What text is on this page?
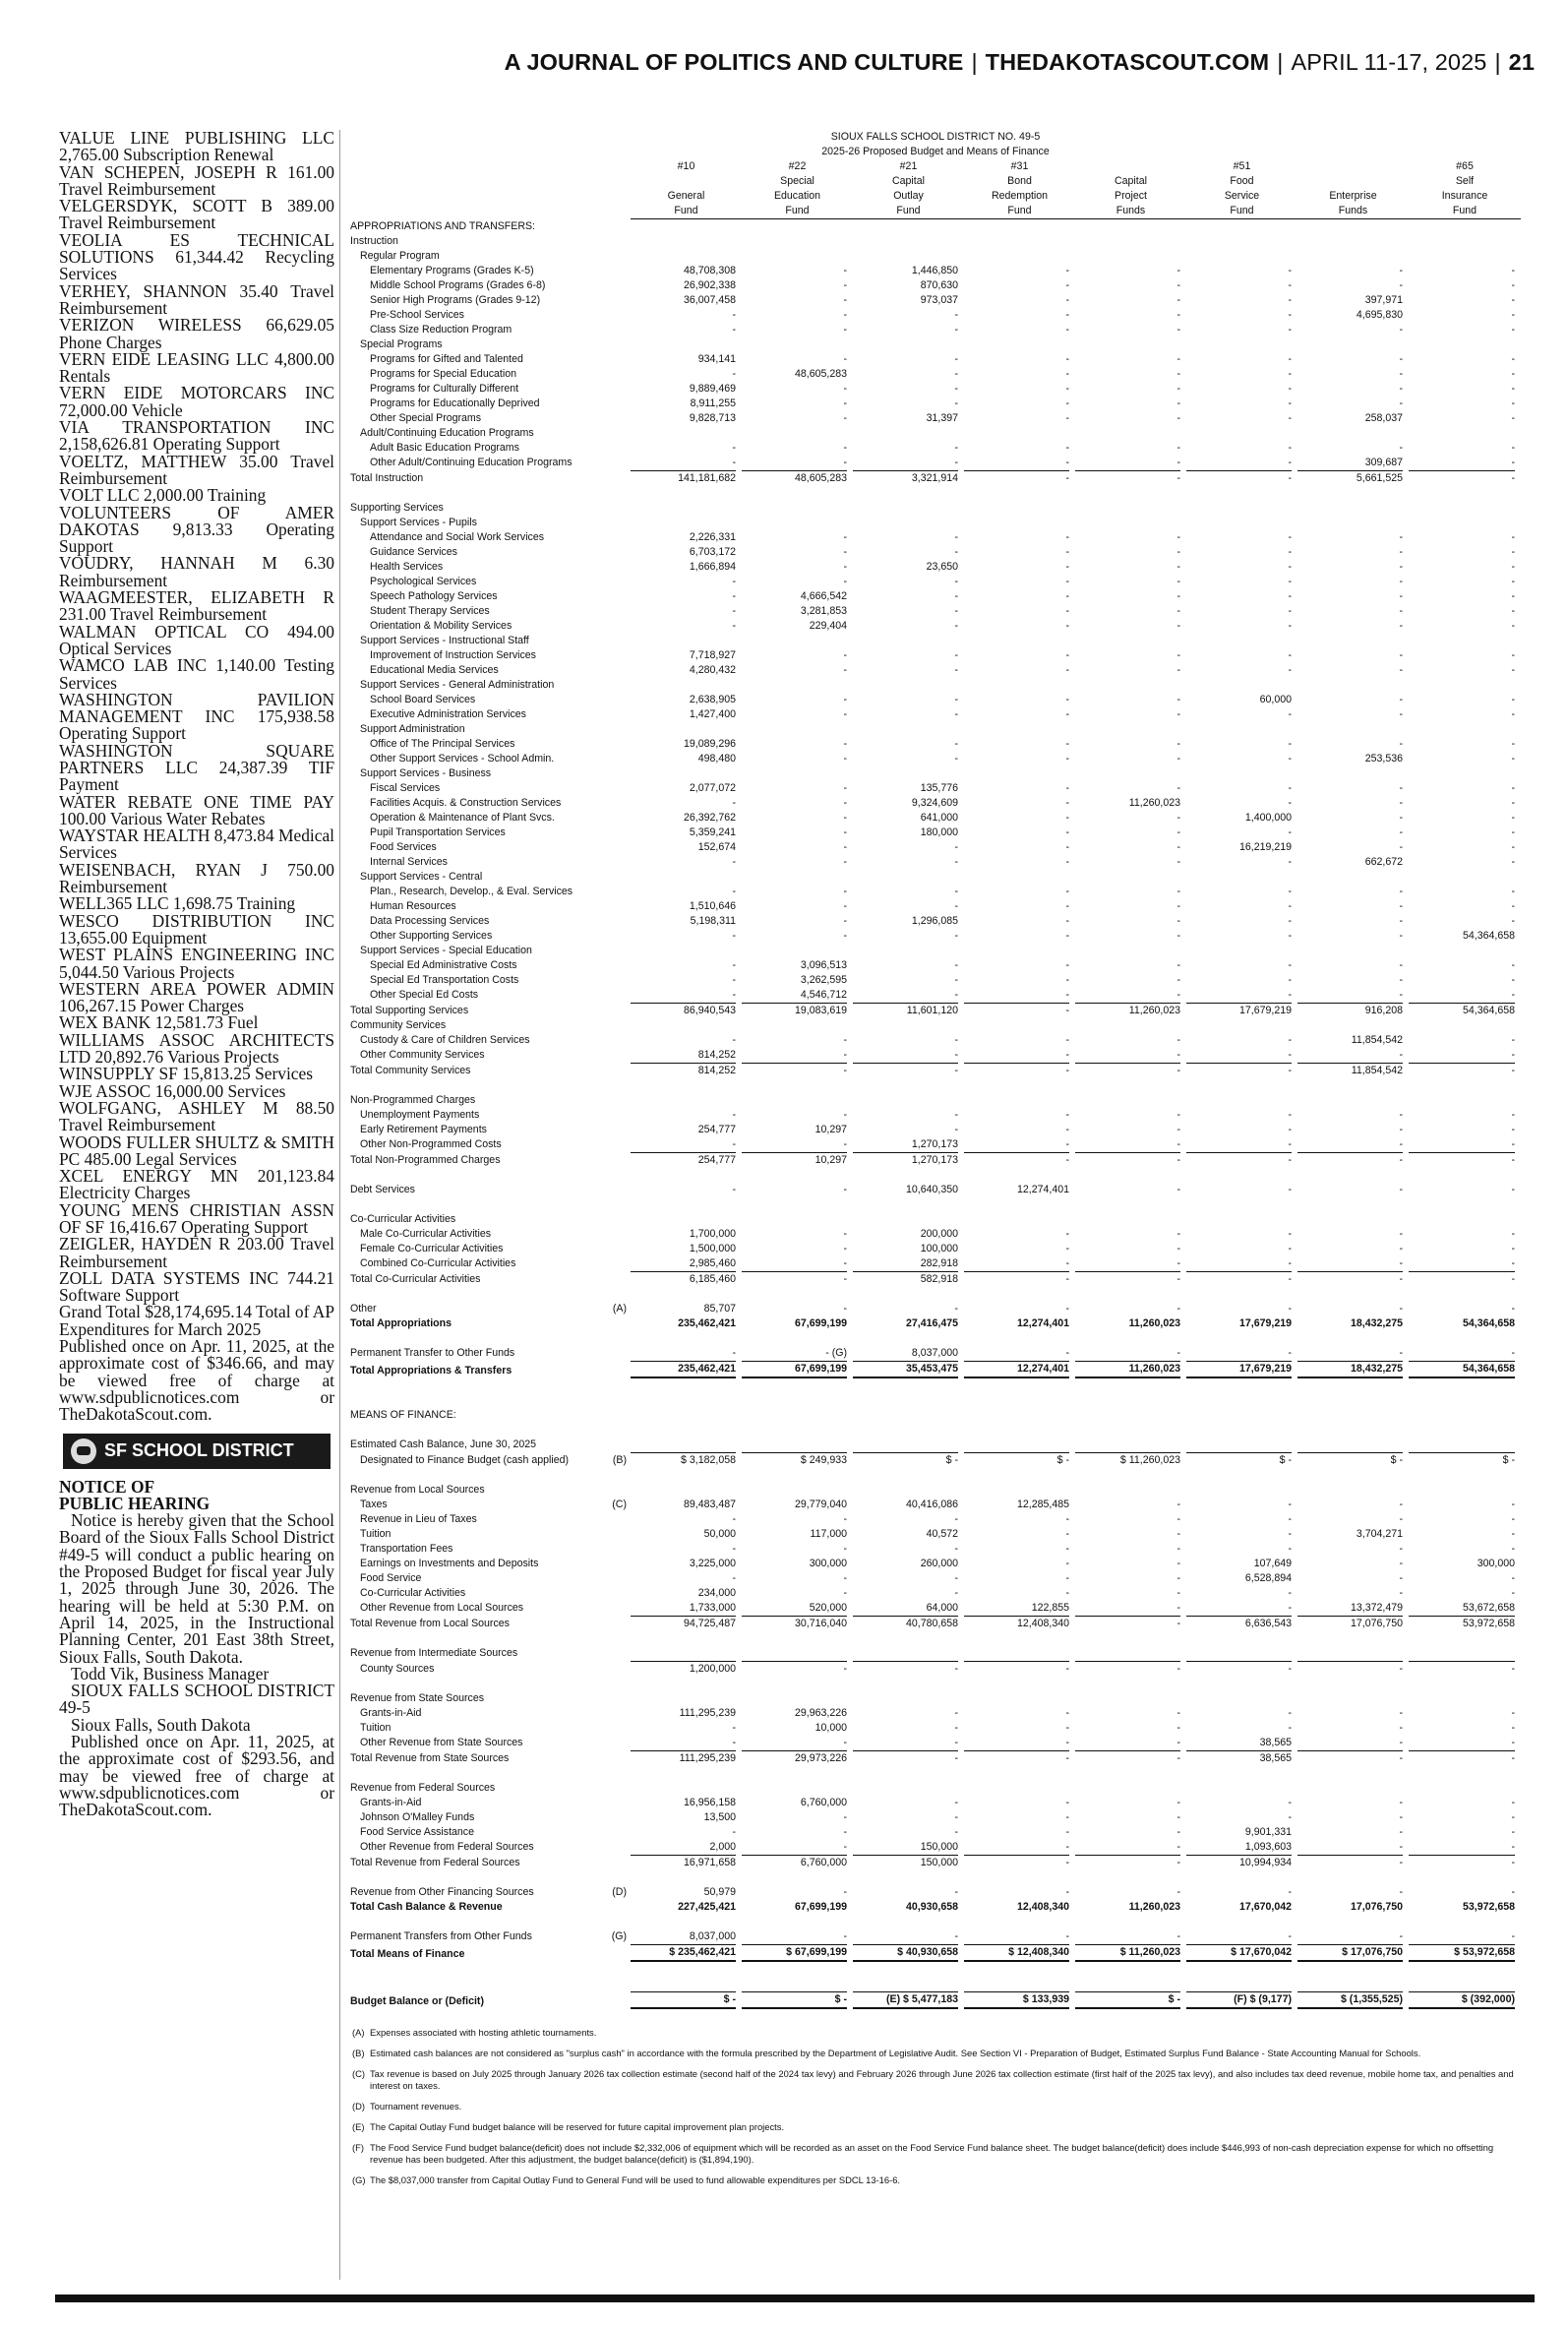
A JOURNAL OF POLITICS AND CULTURE | THEDAKOTASCOUT.COM | APRIL 11-17, 2025 | 21

VALUE LINE PUBLISHING LLC 2,765.00 Subscription Renewal

VAN SCHEPEN, JOSEPH R 161.00 Travel Reimbursement

VELGERSDYK, SCOTT B 389.00 Travel Reimbursement

VEOLIA ES TECHNICAL SOLUTIONS 61,344.42 Recycling Services

VERHEY, SHANNON 35.40 Travel Reimbursement

VERIZON WIRELESS 66,629.05 Phone Charges

VERN EIDE LEASING LLC 4,800.00 Rentals

VERN EIDE MOTORCARS INC 72,000.00 Vehicle

VIA TRANSPORTATION INC 2,158,626.81 Operating Support

VOELTZ, MATTHEW 35.00 Travel Reimbursement

VOLT LLC 2,000.00 Training

VOLUNTEERS OF AMER DAKOTAS 9,813.33 Operating Support

VOUDRY, HANNAH M 6.30 Reimbursement

WAAGMEESTER, ELIZABETH R 231.00 Travel Reimbursement

WALMAN OPTICAL CO 494.00 Optical Services

WAMCO LAB INC 1,140.00 Testing Services

WASHINGTON PAVILION MANAGEMENT INC 175,938.58 Operating Support

WASHINGTON SQUARE PARTNERS LLC 24,387.39 TIF Payment

WATER REBATE ONE TIME PAY 100.00 Various Water Rebates

WAYSTAR HEALTH 8,473.84 Medical Services

WEISENBACH, RYAN J 750.00 Reimbursement

WELL365 LLC 1,698.75 Training

WESCO DISTRIBUTION INC 13,655.00 Equipment

WEST PLAINS ENGINEERING INC 5,044.50 Various Projects

WESTERN AREA POWER ADMIN 106,267.15 Power Charges

WEX BANK 12,581.73 Fuel

WILLIAMS ASSOC ARCHITECTS LTD 20,892.76 Various Projects

WINSUPPLY SF 15,813.25 Services

WJE ASSOC 16,000.00 Services

WOLFGANG, ASHLEY M 88.50 Travel Reimbursement

WOODS FULLER SHULTZ & SMITH PC 485.00 Legal Services

XCEL ENERGY MN 201,123.84 Electricity Charges

YOUNG MENS CHRISTIAN ASSN OF SF 16,416.67 Operating Support

ZEIGLER, HAYDEN R 203.00 Travel Reimbursement

ZOLL DATA SYSTEMS INC 744.21 Software Support

Grand Total $28,174,695.14 Total of AP Expenditures for March 2025

Published once on Apr. 11, 2025, at the approximate cost of $346.66, and may be viewed free of charge at www.sdpublicnotices.com or TheDakotaScout.com.

SF SCHOOL DISTRICT

NOTICE OF

PUBLIC HEARING

Notice is hereby given that the School Board of the Sioux Falls School District #49-5 will conduct a public hearing on the Proposed Budget for fiscal year July 1, 2025 through June 30, 2026. The hearing will be held at 5:30 P.M. on April 14, 2025, in the Instructional Planning Center, 201 East 38th Street, Sioux Falls, South Dakota.

Todd Vik, Business Manager

SIOUX FALLS SCHOOL DISTRICT 49-5

Sioux Falls, South Dakota

Published once on Apr. 11, 2025, at the approximate cost of $293.56, and may be viewed free of charge at www.sdpublicnotices.com or TheDakotaScout.com.

SIOUX FALLS SCHOOL DISTRICT NO. 49-5
2025-26 Proposed Budget and Means of Finance
		#10	#22	#21	#31		#51		#65
			Special	Capital	Bond	Capital	Food		Self
		General	Education	Outlay	Redemption	Project	Service	Enterprise	Insurance
		Fund	Fund	Fund	Fund	Funds	Fund	Funds	Fund
APPROPRIATIONS AND TRANSFERS:									
Instruction									
Regular Program									
Elementary Programs (Grades K-5)		48,708,308	-	1,446,850	-	-	-	-	-

Middle School Programs (Grades 6-8)		26,902,338	-	870,630	-	-	-	-	-

Senior High Programs (Grades 9-12)		36,007,458	-	973,037	-	-	-	397,971	-

Pre-School Services		-	-	-	-	-	-	4,695,830	-

Class Size Reduction Program		-	-	-	-	-	-	-	-

Special Programs									
Programs for Gifted and Talented		934,141	-	-	-	-	-	-	-

Programs for Special Education		-	48,605,283	-	-	-	-	-	-

Programs for Culturally Different		9,889,469	-	-	-	-	-	-	-

Programs for Educationally Deprived		8,911,255	-	-	-	-	-	-	-

Other Special Programs		9,828,713	-	31,397	-	-	-	258,037	-

Adult/Continuing Education Programs									
Adult Basic Education Programs		-	-	-	-	-	-	-	-

Other Adult/Continuing Education Programs		-	-	-	-	-	-	309,687	-

Total Instruction		141,181,682	48,605,283	3,321,914	-	-	-	5,661,525	-

Supporting Services									
Support Services - Pupils									
Attendance and Social Work Services		2,226,331	-	-	-	-	-	-	-

Guidance Services		6,703,172	-	-	-	-	-	-	-

Health Services		1,666,894	-	23,650	-	-	-	-	-

Psychological Services		-	-	-	-	-	-	-	-

Speech Pathology Services		-	4,666,542	-	-	-	-	-	-

Student Therapy Services		-	3,281,853	-	-	-	-	-	-

Orientation & Mobility Services		-	229,404	-	-	-	-	-	-

Support Services - Instructional Staff									
Improvement of Instruction Services		7,718,927	-	-	-	-	-	-	-

Educational Media Services		4,280,432	-	-	-	-	-	-	-

Support Services - General Administration									
School Board Services		2,638,905	-	-	-	-	60,000	-	-

Executive Administration Services		1,427,400	-	-	-	-	-	-	-

Support Administration									
Office of The Principal Services		19,089,296	-	-	-	-	-	-	-

Other Support Services - School Admin.		498,480	-	-	-	-	-	253,536	-

Support Services - Business									
Fiscal Services		2,077,072	-	135,776	-	-	-	-	-

Facilities Acquis. & Construction Services		-	-	9,324,609	-	11,260,023	-	-	-

Operation & Maintenance of Plant Svcs.		26,392,762	-	641,000	-	-	1,400,000	-	-

Pupil Transportation Services		5,359,241	-	180,000	-	-	-	-	-

Food Services		152,674	-	-	-	-	16,219,219	-	-

Internal Services		-	-	-	-	-	-	662,672	-

Support Services - Central									
Plan., Research, Develop., & Eval. Services		-	-	-	-	-	-	-	-

Human Resources		1,510,646	-	-	-	-	-	-	-

Data Processing Services		5,198,311	-	1,296,085	-	-	-	-	-

Other Supporting Services		-	-	-	-	-	-	-	54,364,658

Support Services - Special Education									
Special Ed Administrative Costs		-	3,096,513	-	-	-	-	-	-

Special Ed Transportation Costs		-	3,262,595	-	-	-	-	-	-

Other Special Ed Costs		-	4,546,712	-	-	-	-	-	-

Total Supporting Services		86,940,543	19,083,619	11,601,120	-	11,260,023	17,679,219	916,208	54,364,658

Community Services									
Custody & Care of Children Services		-	-	-	-	-	-	11,854,542	-

Other Community Services		814,252	-	-	-	-	-	-	-

Total Community Services		814,252	-	-	-	-	-	11,854,542	-

Non-Programmed Charges									
Unemployment Payments		-	-	-	-	-	-	-	-

Early Retirement Payments		254,777	10,297	-	-	-	-	-	-

Other Non-Programmed Costs		-	-	1,270,173	-	-	-	-	-

Total Non-Programmed Charges		254,777	10,297	1,270,173	-	-	-	-	-

Debt Services		-	-	10,640,350	12,274,401	-	-	-	-

Co-Curricular Activities									
Male Co-Curricular Activities		1,700,000	-	200,000	-	-	-	-	-

Female Co-Curricular Activities		1,500,000	-	100,000	-	-	-	-	-

Combined Co-Curricular Activities		2,985,460	-	282,918	-	-	-	-	-

Total Co-Curricular Activities		6,185,460	-	582,918	-	-	-	-	-

Other	(A)	85,707	-	-	-	-	-	-	-

Total Appropriations		235,462,421	67,699,199	27,416,475	12,274,401	11,260,023	17,679,219	18,432,275	54,364,658

Permanent Transfer to Other Funds		-	- (G)	8,037,000	-	-	-	-	-

Total Appropriations & Transfers		235,462,421	67,699,199	35,453,475	12,274,401	11,260,023	17,679,219	18,432,275	54,364,658

MEANS OF FINANCE:									

Estimated Cash Balance, June 30, 2025									
Designated to Finance Budget (cash applied)	(B)	$ 3,182,058	$ 249,933	$ -	$ -	$ 11,260,023	$ -	$ -	$ -

Revenue from Local Sources									
Taxes	(C)	89,483,487	29,779,040	40,416,086	12,285,485	-	-	-	-

Revenue in Lieu of Taxes		-	-	-	-	-	-	-	-

Tuition		50,000	117,000	40,572	-	-	-	3,704,271	-

Transportation Fees		-	-	-	-	-	-	-	-

Earnings on Investments and Deposits		3,225,000	300,000	260,000	-	-	107,649	-	300,000

Food Service		-	-	-	-	-	6,528,894	-	-

Co-Curricular Activities		234,000	-	-	-	-	-	-	-

Other Revenue from Local Sources		1,733,000	520,000	64,000	122,855	-	-	13,372,479	53,672,658

Total Revenue from Local Sources		94,725,487	30,716,040	40,780,658	12,408,340	-	6,636,543	17,076,750	53,972,658

Revenue from Intermediate Sources									
County Sources		1,200,000	-	-	-	-	-	-	-

Revenue from State Sources									
Grants-in-Aid		111,295,239	29,963,226	-	-	-	-	-	-

Tuition		-	10,000	-	-	-	-	-	-

Other Revenue from State Sources		-	-	-	-	-	38,565	-	-

Total Revenue from State Sources		111,295,239	29,973,226	-	-	-	38,565	-	-

Revenue from Federal Sources									
Grants-in-Aid		16,956,158	6,760,000	-	-	-	-	-	-

Johnson O'Malley Funds		13,500	-	-	-	-	-	-	-

Food Service Assistance		-	-	-	-	-	9,901,331	-	-

Other Revenue from Federal Sources		2,000	-	150,000	-	-	1,093,603	-	-

Total Revenue from Federal Sources		16,971,658	6,760,000	150,000	-	-	10,994,934	-	-

Revenue from Other Financing Sources	(D)	50,979	-	-	-	-	-	-	-

Total Cash Balance & Revenue		227,425,421	67,699,199	40,930,658	12,408,340	11,260,023	17,670,042	17,076,750	53,972,658

Permanent Transfers from Other Funds	(G)	8,037,000	-	-	-	-	-	-	-

Total Means of Finance		$ 235,462,421	$ 67,699,199	$ 40,930,658	$ 12,408,340	$ 11,260,023	$ 17,670,042	$ 17,076,750	$ 53,972,658

Budget Balance or (Deficit)		$ -	$ -	(E) $ 5,477,183	$ 133,939	$ -	(F) $ (9,177)	$ (1,355,525)	$ (392,000)
(A) Expenses associated with hosting athletic tournaments.
(B) Estimated cash balances are not considered as "surplus cash" in accordance with the formula prescribed by the Department of Legislative Audit. See Section VI - Preparation of Budget, Estimated Surplus Fund Balance - State Accounting Manual for Schools.
(C) Tax revenue is based on July 2025 through January 2026 tax collection estimate (second half of the 2024 tax levy) and February 2026 through June 2026 tax collection estimate (first half of the 2025 tax levy), and also includes tax deed revenue, mobile home tax, and penalties and interest on taxes.
(D) Tournament revenues.
(E) The Capital Outlay Fund budget balance will be reserved for future capital improvement plan projects.
(F) The Food Service Fund budget balance(deficit) does not include $2,332,006 of equipment which will be recorded as an asset on the Food Service Fund balance sheet. The budget balance(deficit) does include $446,993 of non-cash depreciation expense for which no offsetting revenue has been budgeted. After this adjustment, the budget balance(deficit) is ($1,894,190).
(G) The $8,037,000 transfer from Capital Outlay Fund to General Fund will be used to fund allowable expenditures per SDCL 13-16-6.
